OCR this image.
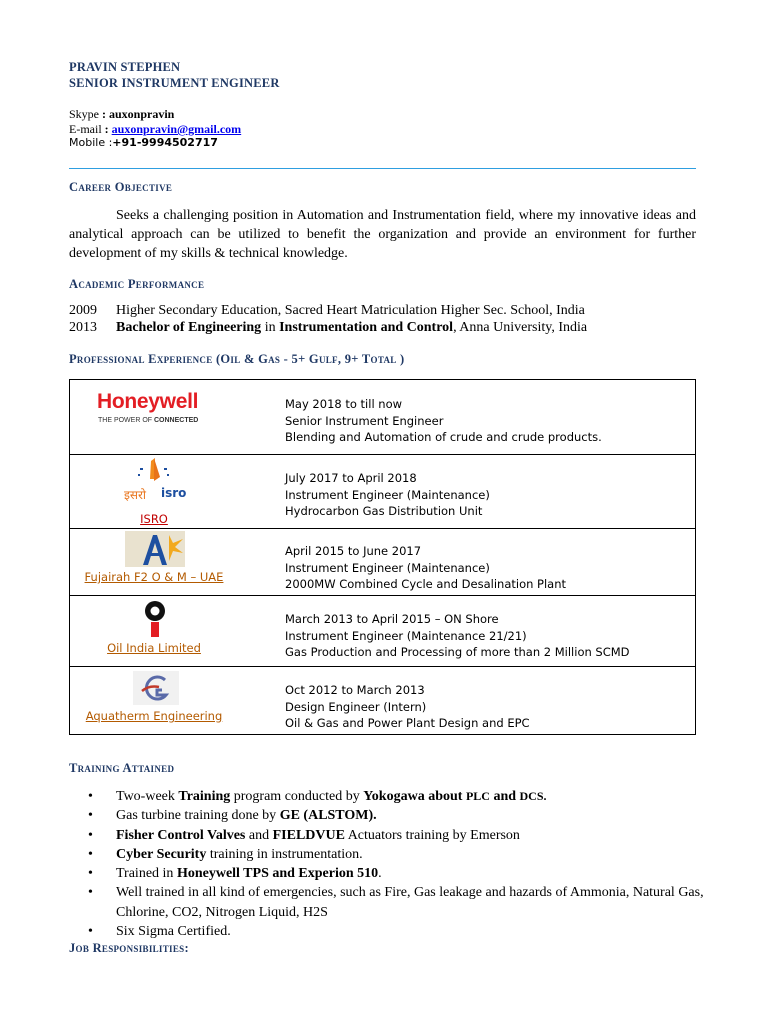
PRAVIN STEPHEN
SENIOR INSTRUMENT ENGINEER
Skype : auxonpravin
E-mail : auxonpravin@gmail.com
Mobile :+91-9994502717
Career Objective
Seeks a challenging position in Automation and Instrumentation field, where my innovative ideas and analytical approach can be utilized to benefit the organization and provide an environment for further development of my skills & technical knowledge.
Academic Performance
2009 Higher Secondary Education, Sacred Heart Matriculation Higher Sec. School, India
2013 Bachelor of Engineering in Instrumentation and Control, Anna University, India
Professional Experience (Oil & Gas - 5+ Gulf, 9+ Total )
Honeywell
THE POWER OF CONNECTED
May 2018 to till now
Senior Instrument Engineer
Blending and Automation of crude and crude products.
इसरो isro
ISRO
July 2017 to April 2018
Instrument Engineer (Maintenance)
Hydrocarbon Gas Distribution Unit
Fujairah F2 O & M – UAE
April 2015 to June 2017
Instrument Engineer (Maintenance)
2000MW Combined Cycle and Desalination Plant
Oil India Limited
March 2013 to April 2015 – ON Shore
Instrument Engineer (Maintenance 21/21)
Gas Production and Processing of more than 2 Million SCMD
Aquatherm Engineering
Oct 2012 to March 2013
Design Engineer (Intern)
Oil & Gas and Power Plant Design and EPC
Training Attained
• Two-week Training program conducted by Yokogawa about PLC and DCS.
• Gas turbine training done by GE (ALSTOM).
• Fisher Control Valves and FIELDVUE Actuators training by Emerson
• Cyber Security training in instrumentation.
• Trained in Honeywell TPS and Experion 510.
• Well trained in all kind of emergencies, such as Fire, Gas leakage and hazards of Ammonia, Natural Gas, Chlorine, CO2, Nitrogen Liquid, H2S
• Six Sigma Certified.
Job Responsibilities:
